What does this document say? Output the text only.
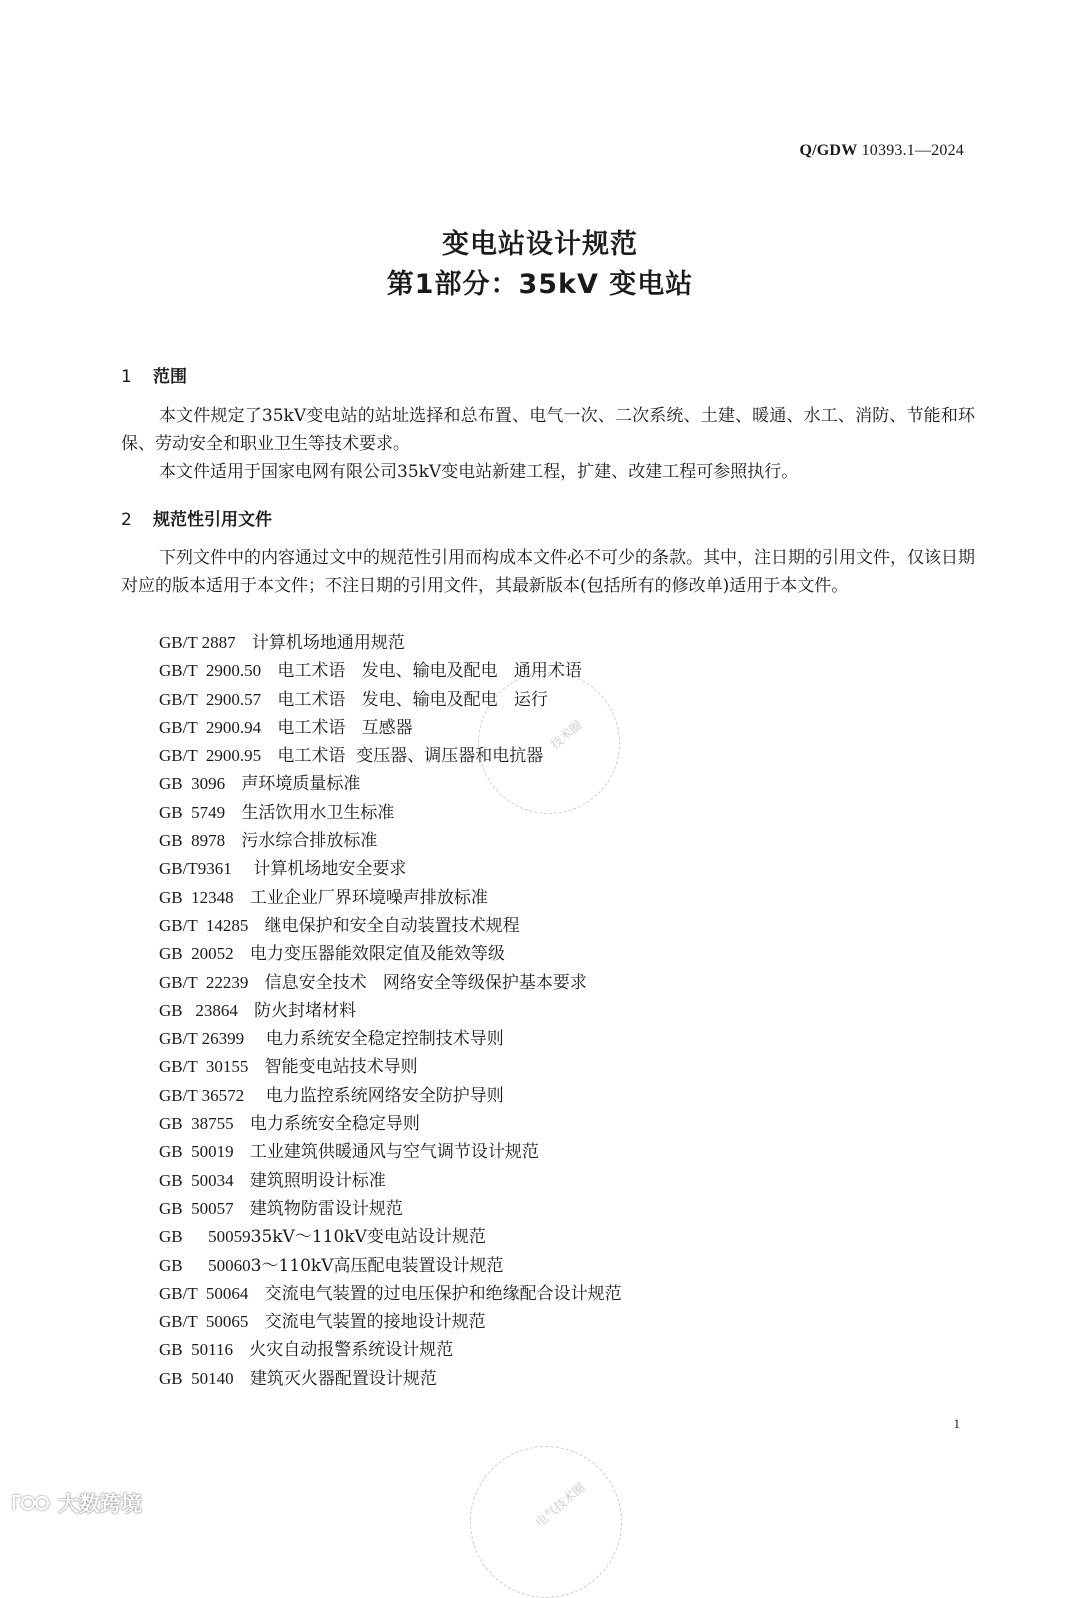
Q/GDW 10393.1—2024
变电站设计规范
第1部分：35kV 变电站
1 范围

本文件规定了35kV变电站的站址选择和总布置、电气一次、二次系统、土建、暖通、水工、消防、节能和环保、劳动安全和职业卫生等技术要求。

本文件适用于国家电网有限公司35kV变电站新建工程，扩建、改建工程可参照执行。

2 规范性引用文件

下列文件中的内容通过文中的规范性引用而构成本文件必不可少的条款。其中，注日期的引用文件，仅该日期对应的版本适用于本文件；不注日期的引用文件，其最新版本(包括所有的修改单)适用于本文件。

GB/T 2887 计算机场地通用规范
GB/T  2900.50 电工术语   发电、输电及配电   通用术语
GB/T  2900.57 电工术语   发电、输电及配电   运行
GB/T  2900.94 电工术语   互感器
GB/T  2900.95 电工术语  变压器、调压器和电抗器
GB  3096 声环境质量标准
GB  5749 生活饮用水卫生标准
GB  8978 污水综合排放标准
GB/T9361    计算机场地安全要求
GB  12348 工业企业厂界环境噪声排放标准
GB/T  14285 继电保护和安全自动装置技术规程
GB  20052 电力变压器能效限定值及能效等级
GB/T  22239 信息安全技术   网络安全等级保护基本要求
GB   23864 防火封堵材料
GB/T 26399    电力系统安全稳定控制技术导则
GB/T  30155 智能变电站技术导则
GB/T 36572    电力监控系统网络安全防护导则
GB  38755 电力系统安全稳定导则
GB  50019 工业建筑供暖通风与空气调节设计规范
GB  50034 建筑照明设计标准
GB  50057 建筑物防雷设计规范
GB      5005935kV～110kV变电站设计规范
GB      500603～110kV高压配电装置设计规范
GB/T  50064 交流电气装置的过电压保护和绝缘配合设计规范
GB/T  50065 交流电气装置的接地设计规范
GB  50116 火灾自动报警系统设计规范
GB  50140 建筑灭火器配置设计规范
1
技术圈
电气技术圈
大数跨境
